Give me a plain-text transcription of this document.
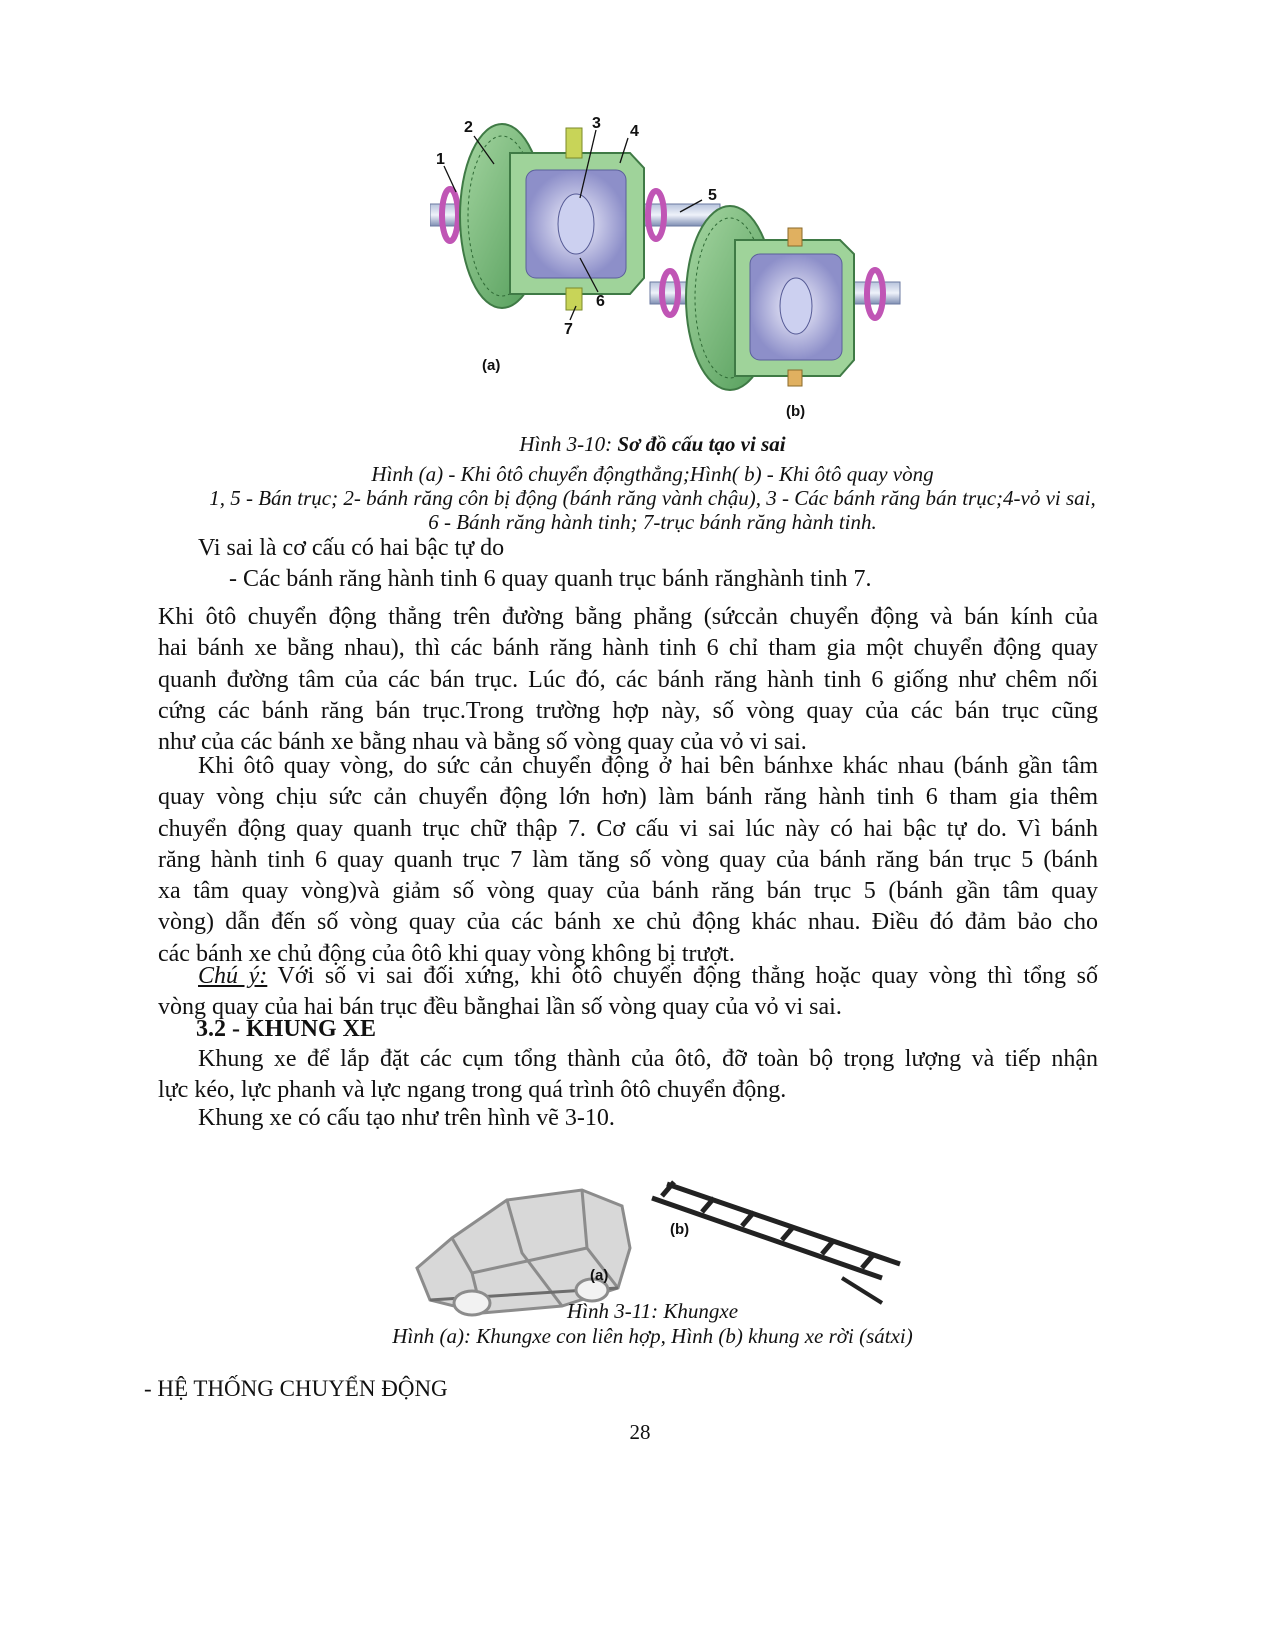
1
2	3 4
5
6
7
(a)
(b)
Hình 3-10: Sơ đồ cấu tạo vi sai
Hình (a) - Khi ôtô chuyển độngthẳng;Hình( b) - Khi ôtô quay vòng
1, 5 - Bán trục; 2- bánh răng côn bị động (bánh răng vành chậu), 3 - Các bánh răng bán trục;4-vỏ vi sai,
6 - Bánh răng hành tinh; 7-trục bánh răng hành tinh.
Vi sai là cơ cấu có hai bậc tự do
- Các bánh răng hành tinh 6 quay quanh trục bánh rănghành tinh 7.
Khi ôtô chuyển động thẳng trên đường bằng phẳng (sứccản chuyển động và bán kính của
hai bánh xe bằng nhau), thì các bánh răng hành tinh 6 chỉ tham gia một chuyển động quay
quanh đường tâm của các bán trục. Lúc đó, các bánh răng hành tinh 6 giống như chêm nối
cứng các bánh răng bán trục.Trong trường hợp này, số vòng quay của các bán trục cũng
như của các bánh xe bằng nhau và bằng số vòng quay của vỏ vi sai.
Khi ôtô quay vòng, do sức cản chuyển động ở hai bên bánhxe khác nhau (bánh gần tâm
quay vòng chịu sức cản chuyển động lớn hơn) làm bánh răng hành tinh 6 tham gia thêm
chuyển động quay quanh trục chữ thập 7. Cơ cấu vi sai lúc này có hai bậc tự do. Vì bánh
răng hành tinh 6 quay quanh trục 7 làm tăng số vòng quay của bánh răng bán trục 5 (bánh
xa tâm quay vòng)và giảm số vòng quay của bánh răng bán trục 5 (bánh gần tâm quay
vòng) dẫn đến số vòng quay của các bánh xe chủ động khác nhau. Điều đó đảm bảo cho
các bánh xe chủ động của ôtô khi quay vòng không bị trượt.
Chú ý: Với số vi sai đối xứng, khi ôtô chuyển động thẳng hoặc quay vòng thì tổng số
vòng quay của hai bán trục đều bằnghai lần số vòng quay của vỏ vi sai.
3.2 - KHUNG XE
Khung xe để lắp đặt các cụm tổng thành của ôtô, đỡ toàn bộ trọng lượng và tiếp nhận
lực kéo, lực phanh và lực ngang trong quá trình ôtô chuyển động.
Khung xe có cấu tạo như trên hình vẽ 3-10.
(a)
(b)
Hình 3-11: Khungxe
Hình (a): Khungxe con liên hợp, Hình (b) khung xe rời (sátxi)
- HỆ THỐNG CHUYỂN ĐỘNG
28
